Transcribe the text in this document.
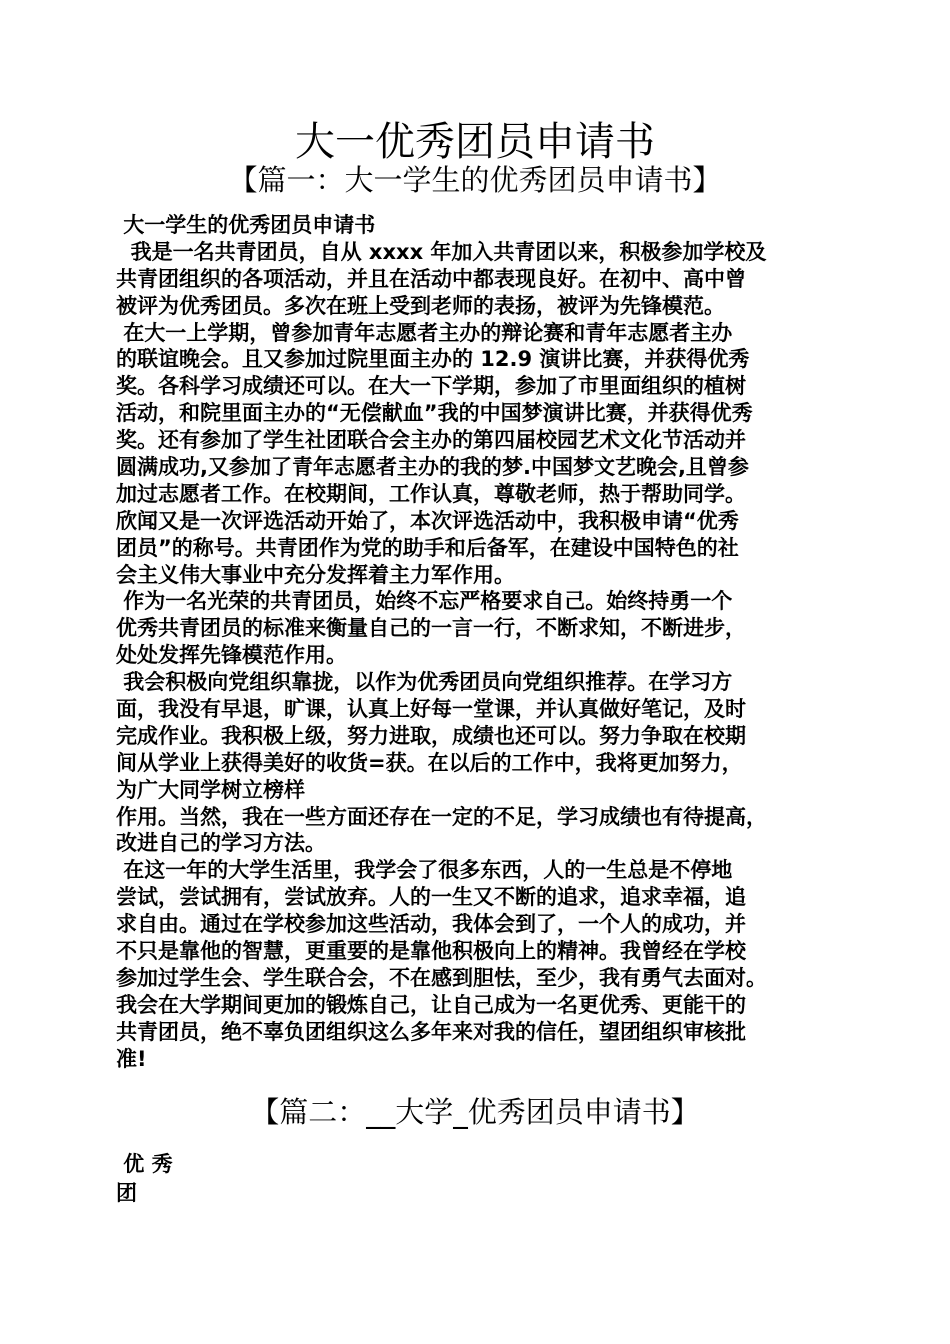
大一优秀团员申请书
【篇一：大一学生的优秀团员申请书】
大一学生的优秀团员申请书
我是一名共青团员，自从 xxxx 年加入共青团以来，积极参加学校及
共青团组织的各项活动，并且在活动中都表现良好。在初中、高中曾
被评为优秀团员。多次在班上受到老师的表扬，被评为先锋模范。
在大一上学期，曾参加青年志愿者主办的辩论赛和青年志愿者主办
的联谊晚会。且又参加过院里面主办的 12.9 演讲比赛，并获得优秀
奖。各科学习成绩还可以。在大一下学期，参加了市里面组织的植树
活动，和院里面主办的“无偿献血”我的中国梦演讲比赛，并获得优秀
奖。还有参加了学生社团联合会主办的第四届校园艺术文化节活动并
圆满成功,又参加了青年志愿者主办的我的梦.中国梦文艺晚会,且曾参
加过志愿者工作。在校期间，工作认真，尊敬老师，热于帮助同学。
欣闻又是一次评选活动开始了，本次评选活动中，我积极申请“优秀
团员”的称号。共青团作为党的助手和后备军，在建设中国特色的社
会主义伟大事业中充分发挥着主力军作用。
作为一名光荣的共青团员，始终不忘严格要求自己。始终持勇一个
优秀共青团员的标准来衡量自己的一言一行，不断求知，不断进步，
处处发挥先锋模范作用。
我会积极向党组织靠拢，以作为优秀团员向党组织推荐。在学习方
面，我没有早退，旷课，认真上好每一堂课，并认真做好笔记，及时
完成作业。我积极上级，努力进取，成绩也还可以。努力争取在校期
间从学业上获得美好的收货=获。在以后的工作中，我将更加努力，
为广大同学树立榜样
作用。当然，我在一些方面还存在一定的不足，学习成绩也有待提高，
改进自己的学习方法。
在这一年的大学生活里，我学会了很多东西，人的一生总是不停地
尝试，尝试拥有，尝试放弃。人的一生又不断的追求，追求幸福，追
求自由。通过在学校参加这些活动，我体会到了，一个人的成功，并
不只是靠他的智慧，更重要的是靠他积极向上的精神。我曾经在学校
参加过学生会、学生联合会，不在感到胆怯，至少，我有勇气去面对。
我会在大学期间更加的锻炼自己，让自己成为一名更优秀、更能干的
共青团员，绝不辜负团组织这么多年来对我的信任，望团组织审核批
准!
【篇二：__大学_优秀团员申请书】
优 秀
团
